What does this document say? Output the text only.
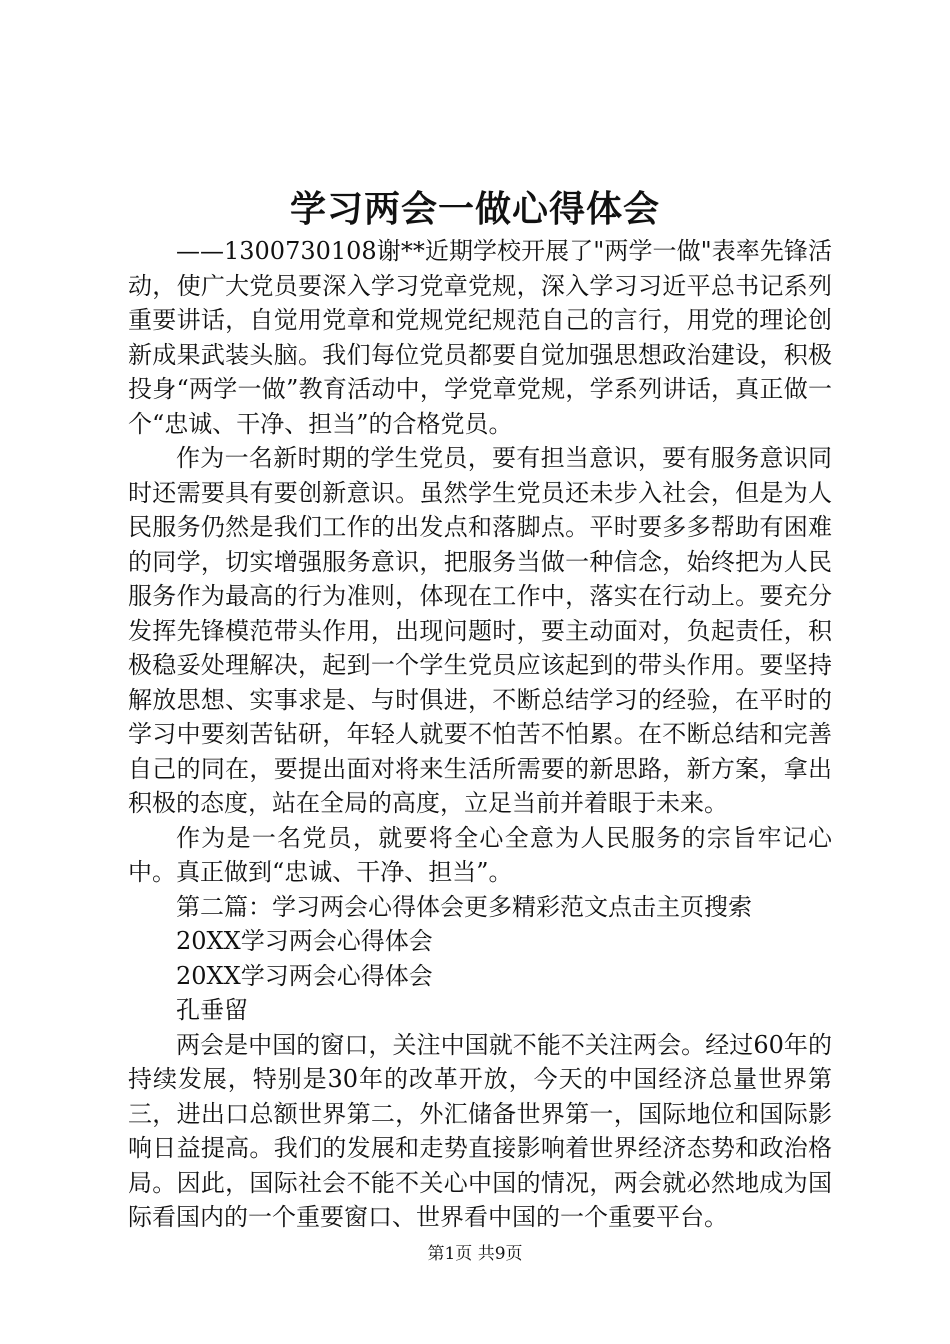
学习两会一做心得体会

——1300730108谢**近期学校开展了"两学一做"表率先锋活动，使广大党员要深入学习党章党规，深入学习习近平总书记系列重要讲话，自觉用党章和党规党纪规范自己的言行，用党的理论创新成果武装头脑。我们每位党员都要自觉加强思想政治建设，积极投身“两学一做”教育活动中，学党章党规，学系列讲话，真正做一个“忠诚、干净、担当”的合格党员。

作为一名新时期的学生党员，要有担当意识，要有服务意识同时还需要具有要创新意识。虽然学生党员还未步入社会，但是为人民服务仍然是我们工作的出发点和落脚点。平时要多多帮助有困难的同学，切实增强服务意识，把服务当做一种信念，始终把为人民服务作为最高的行为准则，体现在工作中，落实在行动上。要充分发挥先锋模范带头作用，出现问题时，要主动面对，负起责任，积极稳妥处理解决，起到一个学生党员应该起到的带头作用。要坚持解放思想、实事求是、与时俱进，不断总结学习的经验，在平时的学习中要刻苦钻研，年轻人就要不怕苦不怕累。在不断总结和完善自己的同在，要提出面对将来生活所需要的新思路，新方案，拿出积极的态度，站在全局的高度，立足当前并着眼于未来。

作为是一名党员，就要将全心全意为人民服务的宗旨牢记心中。真正做到“忠诚、干净、担当”。

第二篇：学习两会心得体会更多精彩范文点击主页搜索

20XX学习两会心得体会

20XX学习两会心得体会

孔垂留

两会是中国的窗口，关注中国就不能不关注两会。经过60年的持续发展，特别是30年的改革开放，今天的中国经济总量世界第三，进出口总额世界第二，外汇储备世界第一，国际地位和国际影响日益提高。我们的发展和走势直接影响着世界经济态势和政治格局。因此，国际社会不能不关心中国的情况，两会就必然地成为国际看国内的一个重要窗口、世界看中国的一个重要平台。

第1页 共9页
